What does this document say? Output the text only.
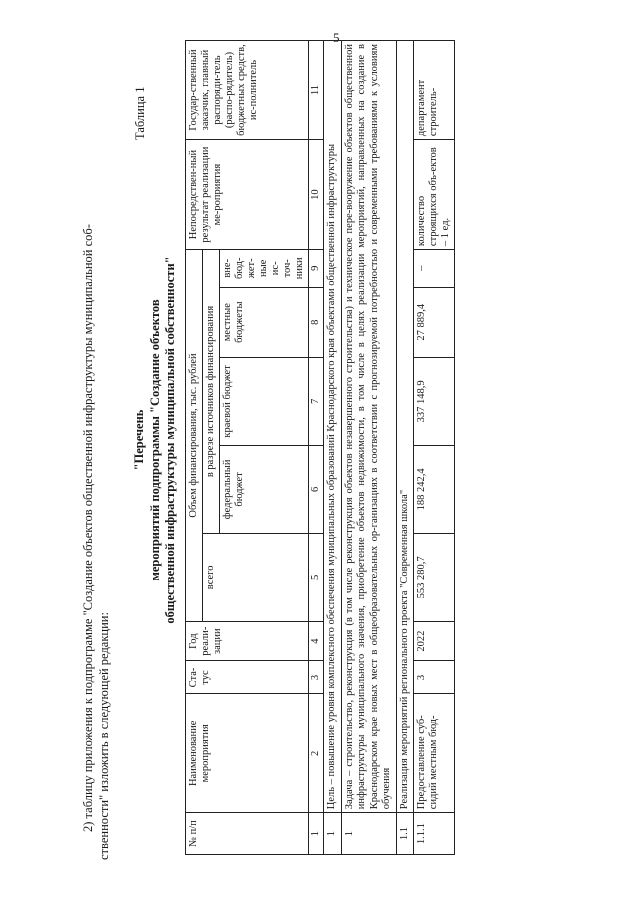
5
2) таблицу приложения к подпрограмме "Создание объектов общественной инфраструктуры муниципальной соб- ственности" изложить в следующей редакции:
Таблица 1
"Перечень мероприятий подпрограммы "Создание объектов общественной инфраструктуры муниципальной собственности"
№ п/п	Наименование мероприятия	Ста-тус	Год реали-зации	Объем финансирования, тыс. рублей					Непосредствен-ный результат реализации ме-роприятия	Государ-ственный заказчик, главный распоряди-тель (распо-рядитель) бюджетных средств, ис-полнитель
				всего	в разрезе источников финансирования					
					федеральный бюджет	краевой бюджет	местные бюджеты	вне-бюд-жет-ные ис-точ-ники		
1	2	3	4	5	6	7	8	9	10	11
1	Цель – повышение уровня комплексного обеспечения муниципальных образований Краснодарского края объектами общественной инфраструктуры									
1	Задача – строительство, реконструкция (в том числе реконструкция объектов незавершенного строительства) и техническое пере-вооружение объектов общественной инфраструктуры муниципального значения, приобретение объектов недвижимости, в том числе в целях реализации мероприятий, направленных на создание в Краснодарском крае новых мест в общеобразовательных ор-ганизациях в соответствии с прогнозируемой потребностью и современными требованиями к условиям обучения									
1.1	Реализация мероприятий регионального проекта "Современная школа"									
1.1.1	Предоставление суб-сидий местным бюд-	3	2022	553 280,7	188 242,4	337 148,9	27 889,4	–	количество строящихся объ-ектов – 1 ед.	департамент строитель-
